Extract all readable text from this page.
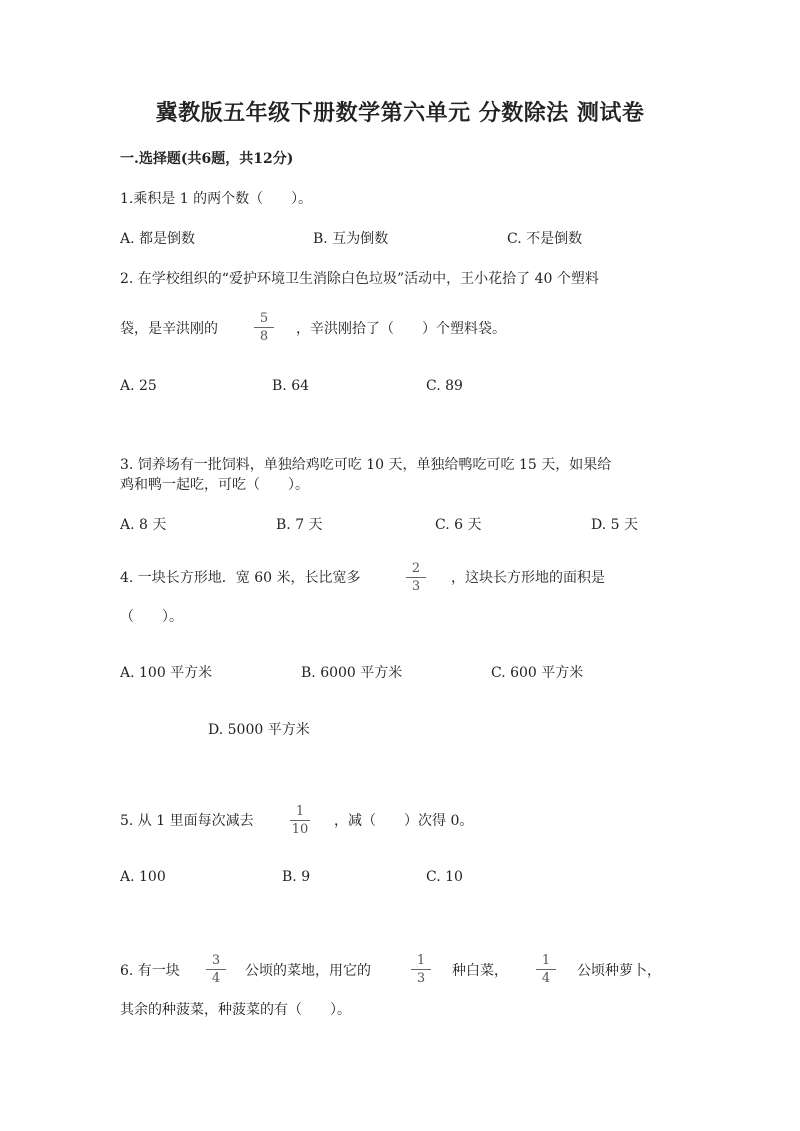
冀教版五年级下册数学第六单元 分数除法 测试卷
一.选择题(共6题，共12分)
1.乘积是 1 的两个数（　　）。
A. 都是倒数	B. 互为倒数	C. 不是倒数
2. 在学校组织的“爱护环境卫生消除白色垃圾”活动中，王小花拾了 40 个塑料
袋，是辛洪刚的
5
8	，辛洪刚拾了（　　）个塑料袋。
A. 25	B. 64	C. 89
3. 饲养场有一批饲料，单独给鸡吃可吃 10 天，单独给鸭吃可吃 15 天，如果给
鸡和鸭一起吃，可吃（　　）。
A. 8 天	B. 7 天	C. 6 天	D. 5 天
4. 一块长方形地．宽 60 米，长比宽多
2
3
，这块长方形地的面积是
（　　）。
A. 100 平方米	B. 6000 平方米	C. 600 平方米
D. 5000 平方米
5. 从 1 里面每次减去
1
10
，减（　　）次得 0。
A. 100	B. 9	C. 10
6. 有一块
3
4	公顷的菜地，用它的
1
3	种白菜，
1
4	公顷种萝卜，
其余的种菠菜，种菠菜的有（　　）。
